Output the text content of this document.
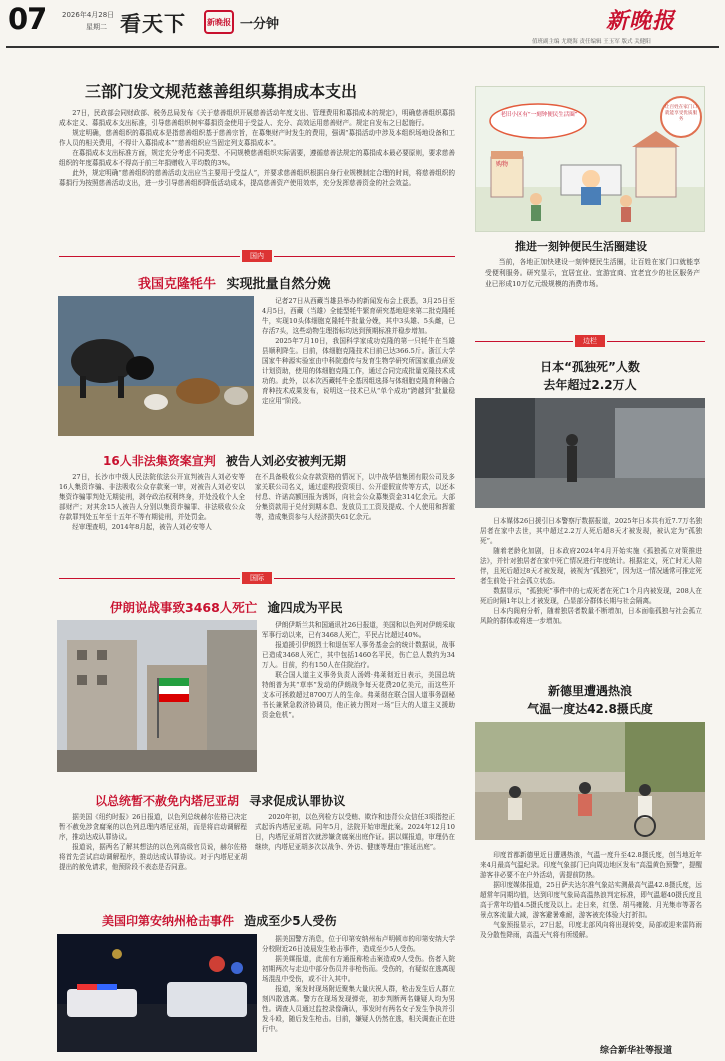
07 2026年4月28日
星期二 看天下	新晚报 一分钟	新晚报
值班副主编 尤晓海 责任编辑 王玉军 版式 关健阳
三部门发文规范慈善组织募捐成本支出

27日，民政部会同财政部、税务总局发布《关于慈善组织开展慈善活动年度支出、管理费用和募捐成本的规定》，明确慈善组织募捐成本定义、募捐成本支出标准，引导慈善组织树牢募捐资金使用于受益人、充分、高效运用慈善财产。规定自发布之日起施行。

规定明确，慈善组织的募捐成本是指慈善组织基于慈善宗旨，在募集财产时发生的费用，强调“募捐活动中涉及本组织场地设备和工作人员的相关费用，不得计入募捐成本”“慈善组织应当固定列支募捐成本”。

在募捐成本支出标准方面，规定充分考虑不同类型、不同规模慈善组织实际需要，遵循慈善法规定的募捐成本最必要原则，要求慈善组织的年度募捐成本不得高于前三年捐赠收入平均数的3%。

此外，规定明确“慈善组织的慈善活动支出应当主要用于受益人”，并要求慈善组织根据自身行业规模制定合理的时间，将慈善组织的募捐行为按照慈善活动支出，进一步引导慈善组织降低活动成本，提高慈善资产使用效率，充分发挥慈善资金的社会效益。

老旧小区有“一刻钟便民生活圈”
让百姓在家门口就能享受优质服务
购物
推进一刻钟便民生活圈建设
当前，各地正加快建设一刻钟便民生活圈，让百姓在家门口就能享受便利服务。研究显示，宜居宜业、宜游宜商、宜老宜少的社区服务产业已形成10万亿元级规模的消费市场。
国内
我国克隆牦牛 实现批量自然分娩

记者27日从西藏当雄县举办的新闻发布会上获悉，3月25日至4月5日，西藏（当雄）全能型牦牛繁育研究基地迎来第二批克隆牦牛，实现10头体细胞克隆牦牛批量分娩，其中3头雄、5头雌，已存活7头，这些动物生理指标均达到预期标准并稳步增加。

2025年7月10日，我国科学家成功克隆的第一只牦牛在当雄县顺利降生。目前，体细胞克隆技术目前已达366.5斤。浙江大学国家牛种源实验室由中科院遗传与发育生物学研究所国家重点研发计划资助，使用的体细胞克隆工作，通过合同完成批量克隆技术成功的。此外，以本次西藏牦牛全基因组选择与体细胞克隆育种融合育种技术成果发布，说明这一技术已从“单个成功”跨越到“批量稳定应用”阶段。

16人非法集资案宣判 被告人刘必安被判无期

27日，长沙市中级人民法院依法公开宣判被告人刘必安等16人集资诈骗、非法吸收公众存款案一审，对被告人刘必安以集资诈骗罪判处无期徒刑，剥夺政治权利终身，并处没收个人全部财产；对其余15人被告人分别以集资诈骗罪、非法吸收公众存款罪判处五年至十五年不等有期徒刑，并处罚金。

经审理查明，2014年8月起，被告人刘必安等人

在不具备吸收公众存款资格的情况下，以中战华信集团有限公司及多家关联公司名义，通过虚构投资项目、公开虚假宣传等方式，以还本付息、许诺高额回报为诱饵，向社会公众募集资金314亿余元。大部分集资款用于兑付到期本息、发放员工工资及提成、个人使用和挥霍等，造成集资参与人经济损失61亿余元。

国际
伊朗说战事致3468人死亡 逾四成为平民

伊朗伊斯兰共和国通讯社26日报道，美国和以色列对伊朗采取军事行动以来，已有3468人死亡，平民占比超过40%。

报道援引伊朗烈士和退伍军人事务基金会的统计数据说，战事已造成3468人死亡，其中包括1460名平民，伤亡总人数约为34万人。目前，约有150人在住院治疗。

联合国人道主义事务负责人汤姆·弗莱彻近日表示，美国总统特朗普为其“草率”发动的伊朗战争每天花费20亿美元，而这些开支本可拯救超过8700万人的生命。弗莱彻在联合国人道事务副秘书长兼紧急救济协调员，他正被力图对一场“巨大的人道主义援助资金危机”。

以总统暂不赦免内塔尼亚胡 寻求促成认罪协议

据美国《纽约时报》26日报道，以色列总统赫尔佐格已决定暂不赦免涉贪腐案的以色列总理内塔尼亚胡，而是将启动调解程序，推动达成认罪协议。

报道说，据两名了解其想法的以色列高级官员说，赫尔佐格将首先尝试启动调解程序，推动达成认罪协议。对于内塔尼亚胡提出的赦免请求，他预阶段不表态是否同意。

2020年初，以色列检方以受贿、欺诈和违背公众信任3项指控正式起诉内塔尼亚胡。同年5月，法院开始审理此案。2024年12月10日，内塔尼亚胡首次就涉嫌贪腐案出庭作证。据以媒报道，审理仍在继续，内塔尼亚胡多次以战争、外访、健康等理由“推延出庭”。

美国印第安纳州枪击事件 造成至少5人受伤

据美国警方消息，位于印第安纳州布卢明顿市的印第安纳大学分校附近26日凌晨发生枪击事件，造成至少5人受伤。

据美媒报道，此前有方通报称枪击案造成9人受伤。伤者入院初期两次与走边中部分伤员并非枪伤而。受伤的，有疑似在逃离现场混乱中受伤，或不计入其中。

报道，案发时现场附近聚集大量庆祝人群，枪击发生后人群立刻四散逃离。警方在现场发现弹壳，初步判断两名嫌疑人均为男性。调查人员通过监控录像确认，事发时有两名女子发生争执并引发斗殴，随后发生枪击。目前，嫌疑人仍然在逃，相关调查正在进行中。

边栏
日本“孤独死”人数
去年超过2.2万人

日本媒体26日援引日本警察厅数据报道，2025年日本共有近7.7万名独居者在家中去世，其中超过2.2万人死后超8天才被发现，被认定为“孤独死”。

随着老龄化加剧，日本政府2024年4月开始实施《孤独孤立对策推进法》，并针对独居者在家中死亡情况进行年度统计。根据定义，死亡时无人陪伴，且死后超过8天才被发现，被视为“孤独死”，因为这一情况通常可推定死者生前处于社会孤立状态。

数据显示，“孤独死”事件中的七成死者在死亡1个月内被发现，208人在死后时隔1年以上才被发现，凸显部分群体长期与社会隔离。

日本内阁府分析，随着独居者数量不断增加，日本面临孤独与社会孤立风险的群体或将进一步增加。

新德里遭遇热浪
气温一度达42.8摄氏度

印度首都新德里近日遭遇热浪，气温一度升至42.8摄氏度，创当地近年来4月最高气温纪录。印度气象部门已向周边地区发布“高温黄色预警”，提醒游客非必要不在户外活动，需提前防热。

据印度媒体报道，25日萨夫达尔准气象站实测最高气温42.8摄氏度，远超常年同期均值，达到印度气象局高温热浪判定标准，即气温超40摄氏度且高于常年均值4.5摄氏度及以上。走日来，红堡、胡马雍陵、月光集市等著名景点客流量大减，游客避暑难耐，游客被充体验大打折扣。

气象预报显示，27日起，印度北部风向将出现转变，局部或迎来雷阵雨及分散性降雨，高温天气将有所缓解。

综合新华社等报道
